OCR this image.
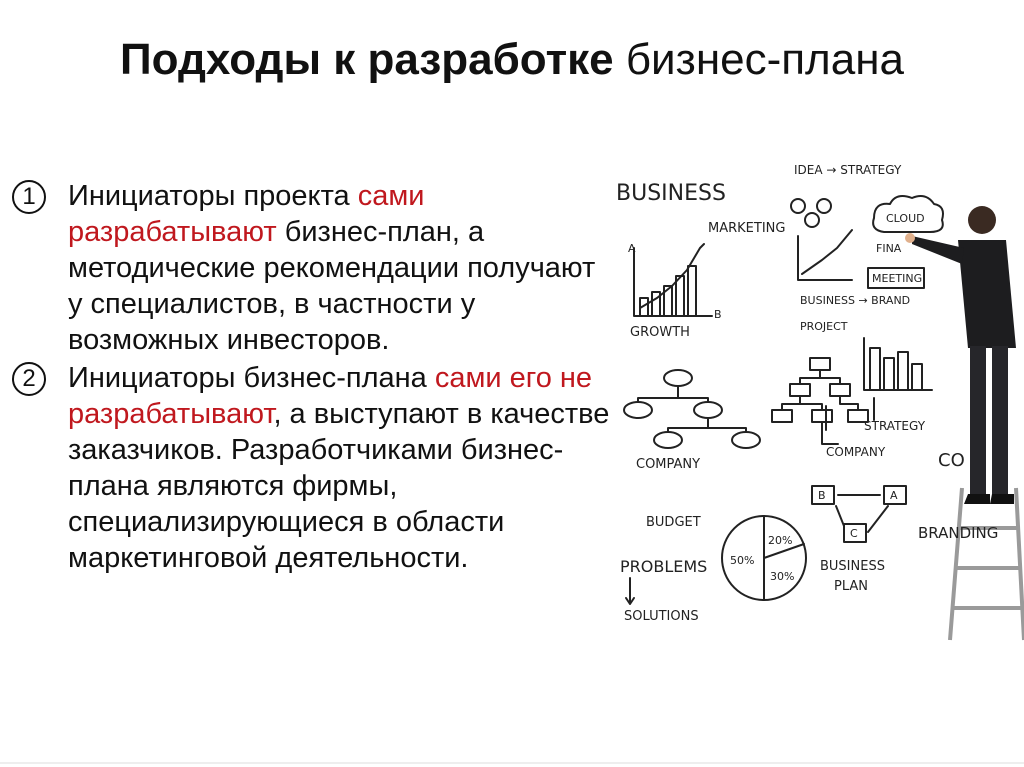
Подходы к разработке бизнес-плана
1	Инициаторы проекта сами разрабатывают бизнес-план, а методические рекомендации получают у специалистов, в частности у возможных инвесторов.

2	Инициаторы бизнес-плана сами его не разрабатывают, а выступают в качестве заказчиков. Разработчиками бизнес-плана являются фирмы, специализирующиеся в области маркетинговой деятельности.

IDEA → STRATEGY
BUSINESS
MARKETING
CLOUD
FINA
MEETING
A
B
GROWTH
BUSINESS → BRAND
PROJECT
COMPANY
COMPANY
STRATEGY
BUDGET
PROBLEMS
SOLUTIONS
BUSINESS
PLAN
BRANDING
CO
50%
20%
30%
A
B
C
